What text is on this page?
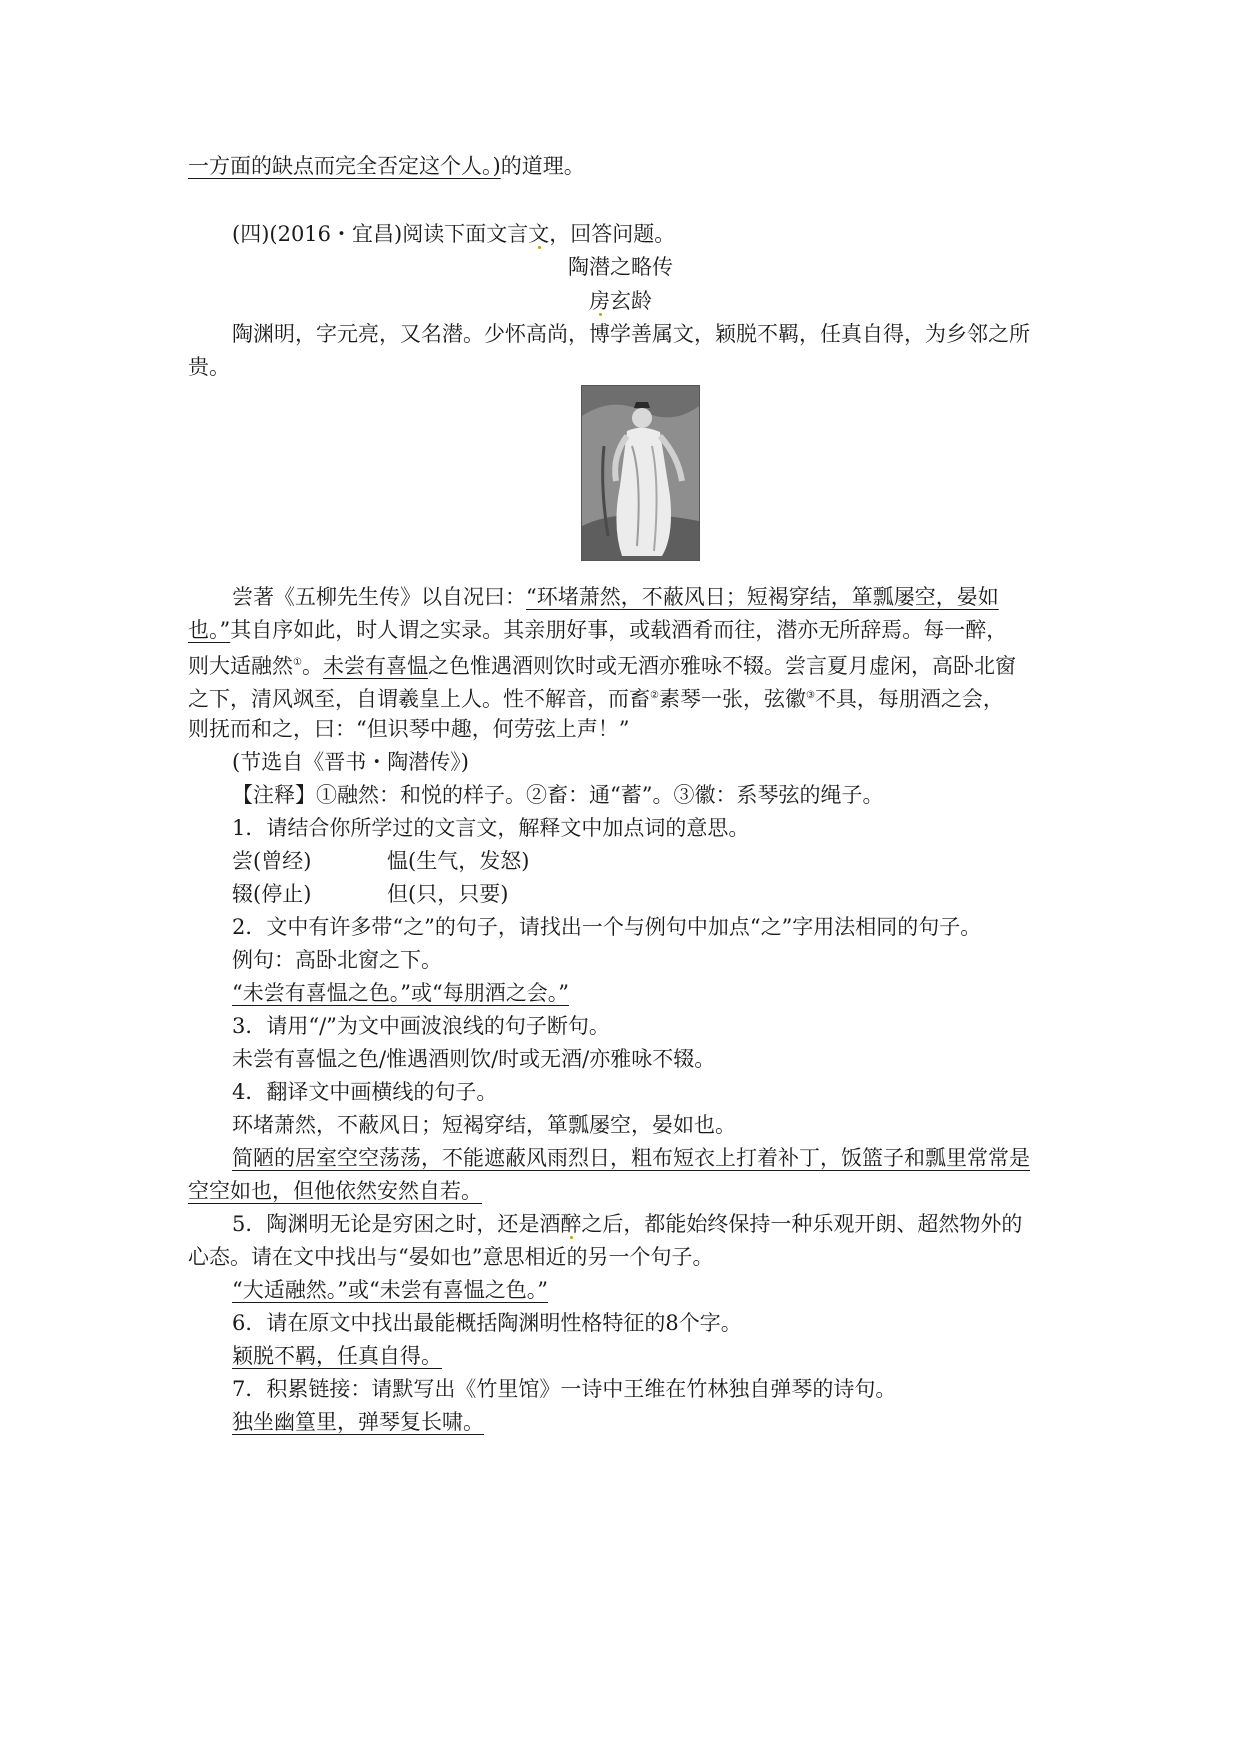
一方面的缺点而完全否定这个人。)的道理。
(四)(2016・宜昌)阅读下面文言文，回答问题。
陶潜之略传
房玄龄
陶渊明，字元亮，又名潜。少怀高尚，博学善属文，颖脱不羁，任真自得，为乡邻之所
贵。
尝著《五柳先生传》以自况曰：“环堵萧然，不蔽风日；短褐穿结，箪瓢屡空，晏如
也。”其自序如此，时人谓之实录。其亲朋好事，或载酒肴而往，潜亦无所辞焉。每一醉，
则大适融然①。未尝有喜愠之色惟遇酒则饮时或无酒亦雅咏不辍。尝言夏月虚闲，高卧北窗
之下，清风飒至，自谓羲皇上人。性不解音，而畜②素琴一张，弦徽③不具，每朋酒之会，
则抚而和之，曰：“但识琴中趣，何劳弦上声！”
(节选自《晋书・陶潜传》)
【注释】①融然：和悦的样子。②畜：通“蓄”。③徽：系琴弦的绳子。
1．请结合你所学过的文言文，解释文中加点词的意思。
尝(曾经)	愠(生气，发怒)
辍(停止)	但(只，只要)
2．文中有许多带“之”的句子，请找出一个与例句中加点“之”字用法相同的句子。
例句：高卧北窗之下。
“未尝有喜愠之色。”或“每朋酒之会。”
3．请用“/”为文中画波浪线的句子断句。
未尝有喜愠之色/惟遇酒则饮/时或无酒/亦雅咏不辍。
4．翻译文中画横线的句子。
环堵萧然，不蔽风日；短褐穿结，箪瓢屡空，晏如也。
简陋的居室空空荡荡，不能遮蔽风雨烈日，粗布短衣上打着补丁，饭篮子和瓢里常常是
空空如也，但他依然安然自若。
5．陶渊明无论是穷困之时，还是酒醉之后，都能始终保持一种乐观开朗、超然物外的
心态。请在文中找出与“晏如也”意思相近的另一个句子。
“大适融然。”或“未尝有喜愠之色。”
6．请在原文中找出最能概括陶渊明性格特征的8个字。
颖脱不羁，任真自得。
7．积累链接：请默写出《竹里馆》一诗中王维在竹林独自弹琴的诗句。
独坐幽篁里，弹琴复长啸。
